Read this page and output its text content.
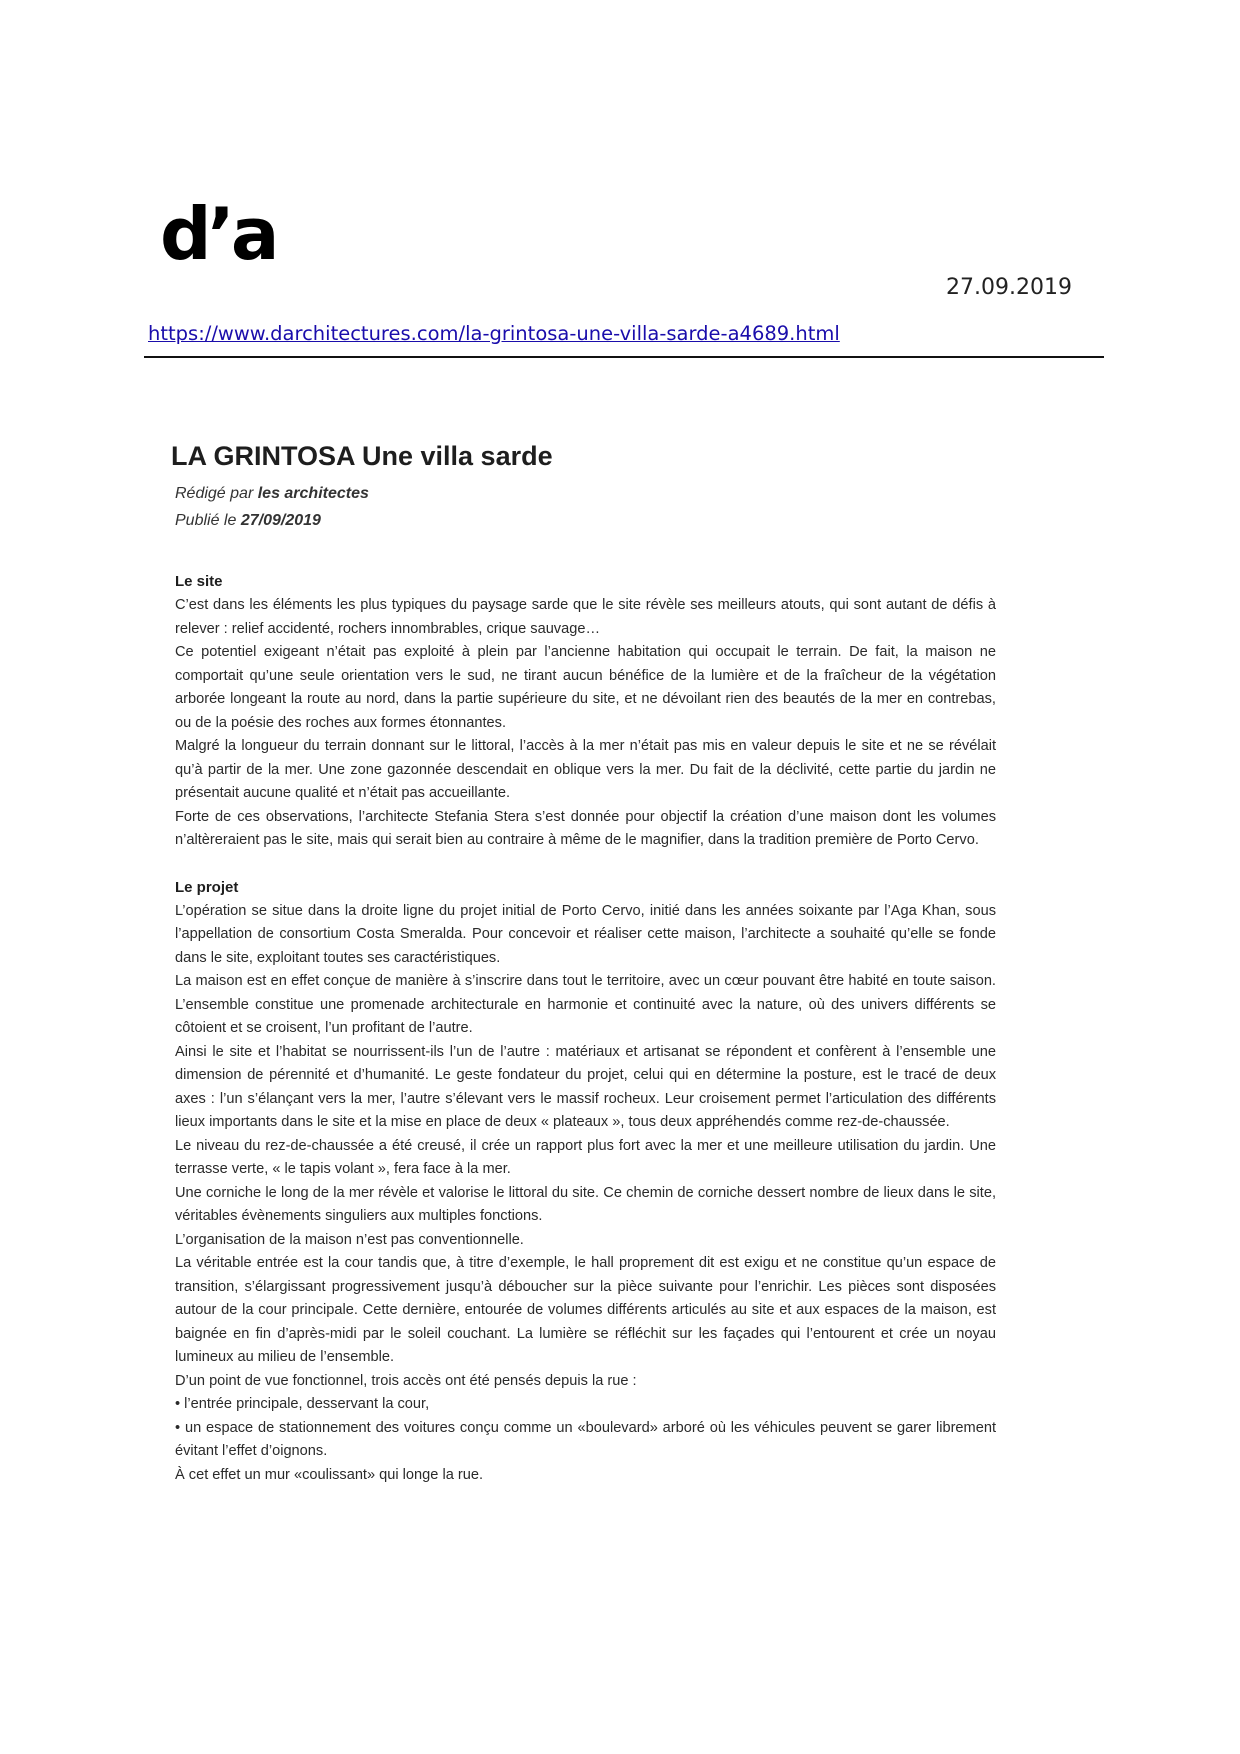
d’a
27.09.2019
https://www.darchitectures.com/la-grintosa-une-villa-sarde-a4689.html
LA GRINTOSA Une villa sarde
Rédigé par les architectes
Publié le 27/09/2019
Le site

C’est dans les éléments les plus typiques du paysage sarde que le site révèle ses meilleurs atouts, qui sont autant de défis à relever : relief accidenté, rochers innombrables, crique sauvage…

Ce potentiel exigeant n’était pas exploité à plein par l’ancienne habitation qui occupait le terrain. De fait, la maison ne comportait qu’une seule orientation vers le sud, ne tirant aucun bénéfice de la lumière et de la fraîcheur de la végétation arborée longeant la route au nord, dans la partie supérieure du site, et ne dévoilant rien des beautés de la mer en contrebas, ou de la poésie des roches aux formes étonnantes.

Malgré la longueur du terrain donnant sur le littoral, l’accès à la mer n’était pas mis en valeur depuis le site et ne se révélait qu’à partir de la mer. Une zone gazonnée descendait en oblique vers la mer. Du fait de la déclivité, cette partie du jardin ne présentait aucune qualité et n’était pas accueillante.

Forte de ces observations, l’architecte Stefania Stera s’est donnée pour objectif la création d’une maison dont les volumes n’altèreraient pas le site, mais qui serait bien au contraire à même de le magnifier, dans la tradition première de Porto Cervo.

Le projet

L’opération se situe dans la droite ligne du projet initial de Porto Cervo, initié dans les années soixante par l’Aga Khan, sous l’appellation de consortium Costa Smeralda. Pour concevoir et réaliser cette maison, l’architecte a souhaité qu’elle se fonde dans le site, exploitant toutes ses caractéristiques.

La maison est en effet conçue de manière à s’inscrire dans tout le territoire, avec un cœur pouvant être habité en toute saison. L’ensemble constitue une promenade architecturale en harmonie et continuité avec la nature, où des univers différents se côtoient et se croisent, l’un profitant de l’autre.

Ainsi le site et l’habitat se nourrissent-ils l’un de l’autre : matériaux et artisanat se répondent et confèrent à l’ensemble une dimension de pérennité et d’humanité. Le geste fondateur du projet, celui qui en détermine la posture, est le tracé de deux axes : l’un s’élançant vers la mer, l’autre s’élevant vers le massif rocheux. Leur croisement permet l’articulation des différents lieux importants dans le site et la mise en place de deux « plateaux », tous deux appréhendés comme rez-de-chaussée.

Le niveau du rez-de-chaussée a été creusé, il crée un rapport plus fort avec la mer et une meilleure utilisation du jardin. Une terrasse verte, « le tapis volant », fera face à la mer.

Une corniche le long de la mer révèle et valorise le littoral du site. Ce chemin de corniche dessert nombre de lieux dans le site, véritables évènements singuliers aux multiples fonctions.

L’organisation de la maison n’est pas conventionnelle.

La véritable entrée est la cour tandis que, à titre d’exemple, le hall proprement dit est exigu et ne constitue qu’un espace de transition, s’élargissant progressivement jusqu’à déboucher sur la pièce suivante pour l’enrichir. Les pièces sont disposées autour de la cour principale. Cette dernière, entourée de volumes différents articulés au site et aux espaces de la maison, est baignée en fin d’après-midi par le soleil couchant. La lumière se réfléchit sur les façades qui l’entourent et crée un noyau lumineux au milieu de l’ensemble.

D’un point de vue fonctionnel, trois accès ont été pensés depuis la rue :

• l’entrée principale, desservant la cour,

• un espace de stationnement des voitures conçu comme un «boulevard» arboré où les véhicules peuvent se garer librement évitant l’effet d’oignons.

À cet effet un mur «coulissant» qui longe la rue.
